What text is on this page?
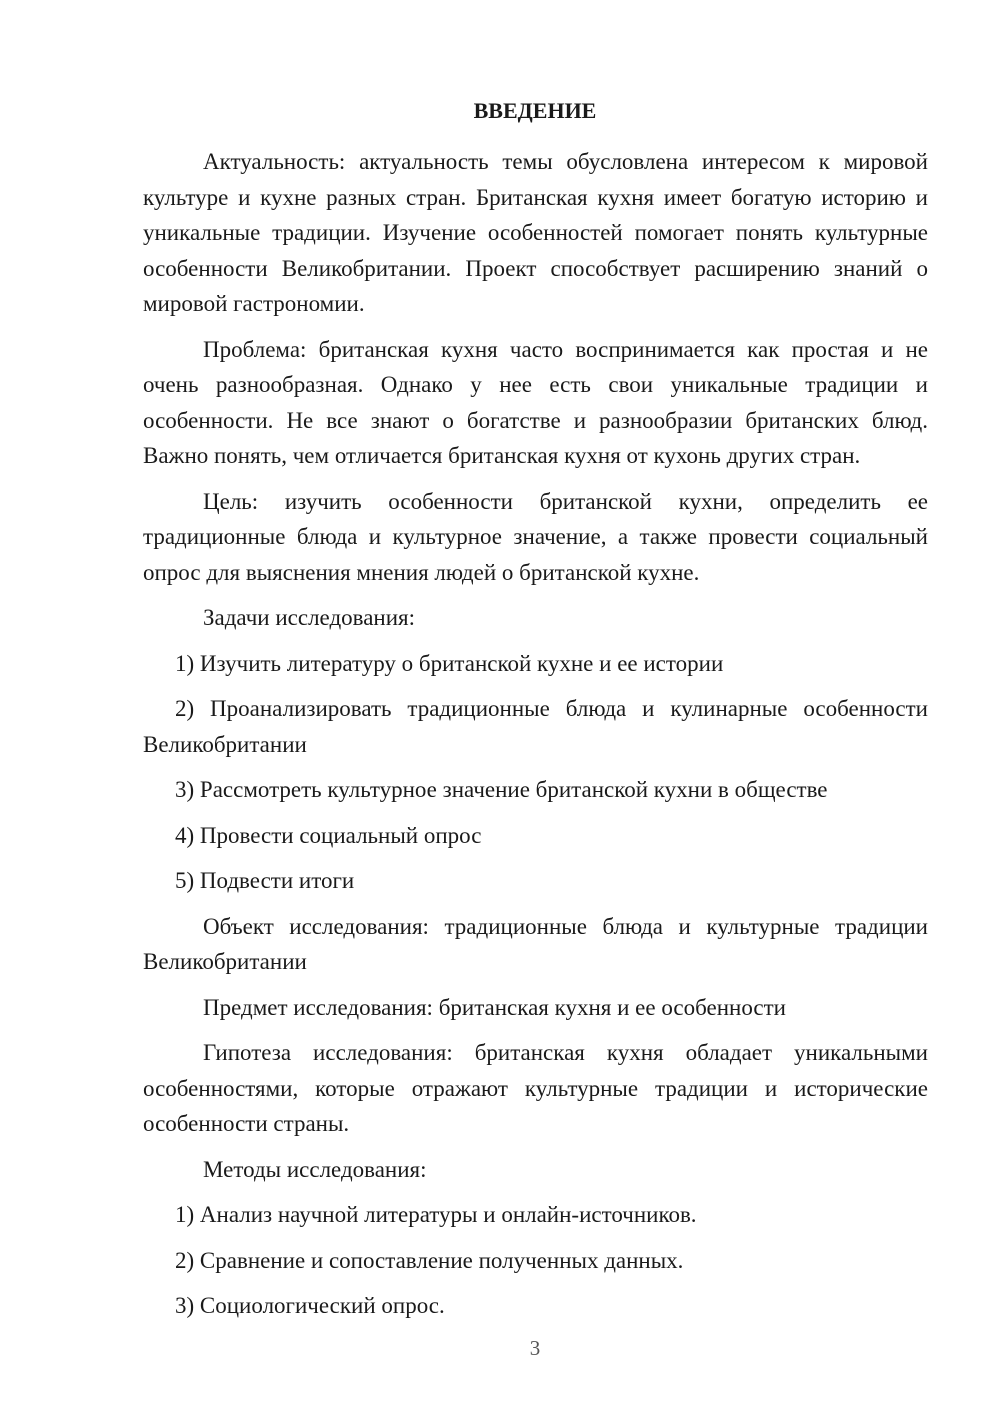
ВВЕДЕНИЕ

Актуальность: актуальность темы обусловлена интересом к мировой культуре и кухне разных стран. Британская кухня имеет богатую историю и уникальные традиции. Изучение особенностей помогает понять культурные особенности Великобритании. Проект способствует расширению знаний о мировой гастрономии.

Проблема: британская кухня часто воспринимается как простая и не очень разнообразная. Однако у нее есть свои уникальные традиции и особенности. Не все знают о богатстве и разнообразии британских блюд. Важно понять, чем отличается британская кухня от кухонь других стран.

Цель: изучить особенности британской кухни, определить ее традиционные блюда и культурное значение, а также провести социальный опрос для выяснения мнения людей о британской кухне.

Задачи исследования:

1) Изучить литературу о британской кухне и ее истории

2) Проанализировать традиционные блюда и кулинарные особенности Великобритании

3) Рассмотреть культурное значение британской кухни в обществе

4) Провести социальный опрос

5) Подвести итоги

Объект исследования: традиционные блюда и культурные традиции Великобритании

Предмет исследования: британская кухня и ее особенности

Гипотеза исследования: британская кухня обладает уникальными особенностями, которые отражают культурные традиции и исторические особенности страны.

Методы исследования:

1) Анализ научной литературы и онлайн-источников.

2) Сравнение и сопоставление полученных данных.

3) Социологический опрос.

3
